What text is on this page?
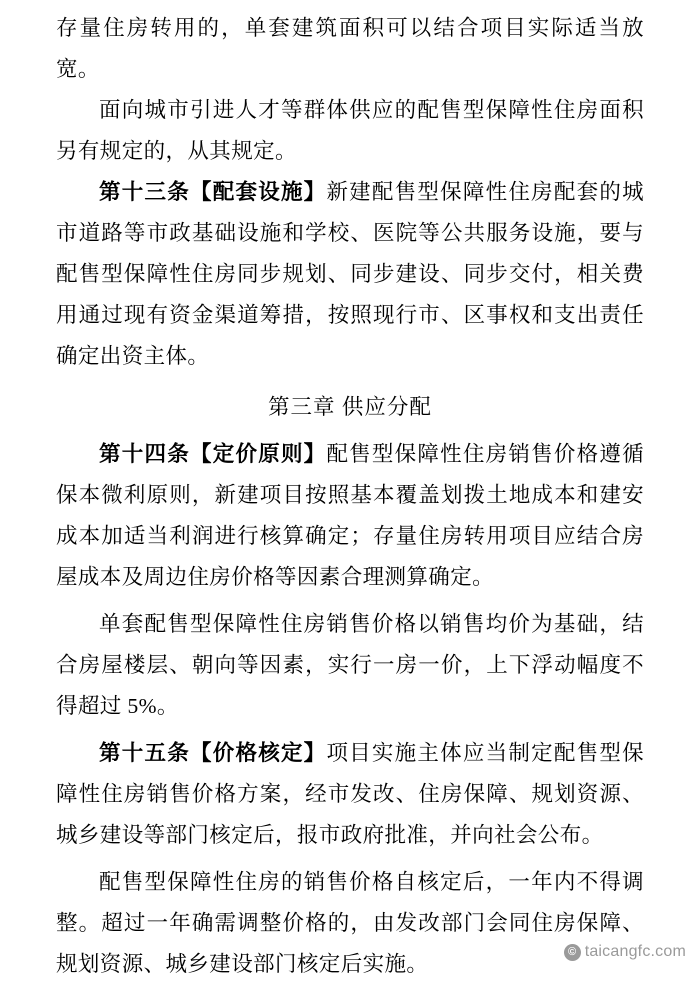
存量住房转用的，单套建筑面积可以结合项目实际适当放宽。

面向城市引进人才等群体供应的配售型保障性住房面积另有规定的，从其规定。

第十三条【配套设施】新建配售型保障性住房配套的城市道路等市政基础设施和学校、医院等公共服务设施，要与配售型保障性住房同步规划、同步建设、同步交付，相关费用通过现有资金渠道筹措，按照现行市、区事权和支出责任确定出资主体。

第三章 供应分配

第十四条【定价原则】配售型保障性住房销售价格遵循保本微利原则，新建项目按照基本覆盖划拨土地成本和建安成本加适当利润进行核算确定；存量住房转用项目应结合房屋成本及周边住房价格等因素合理测算确定。

单套配售型保障性住房销售价格以销售均价为基础，结合房屋楼层、朝向等因素，实行一房一价，上下浮动幅度不得超过 5%。

第十五条【价格核定】项目实施主体应当制定配售型保障性住房销售价格方案，经市发改、住房保障、规划资源、城乡建设等部门核定后，报市政府批准，并向社会公布。

配售型保障性住房的销售价格自核定后，一年内不得调整。超过一年确需调整价格的，由发改部门会同住房保障、规划资源、城乡建设部门核定后实施。

© taicangfc.com
